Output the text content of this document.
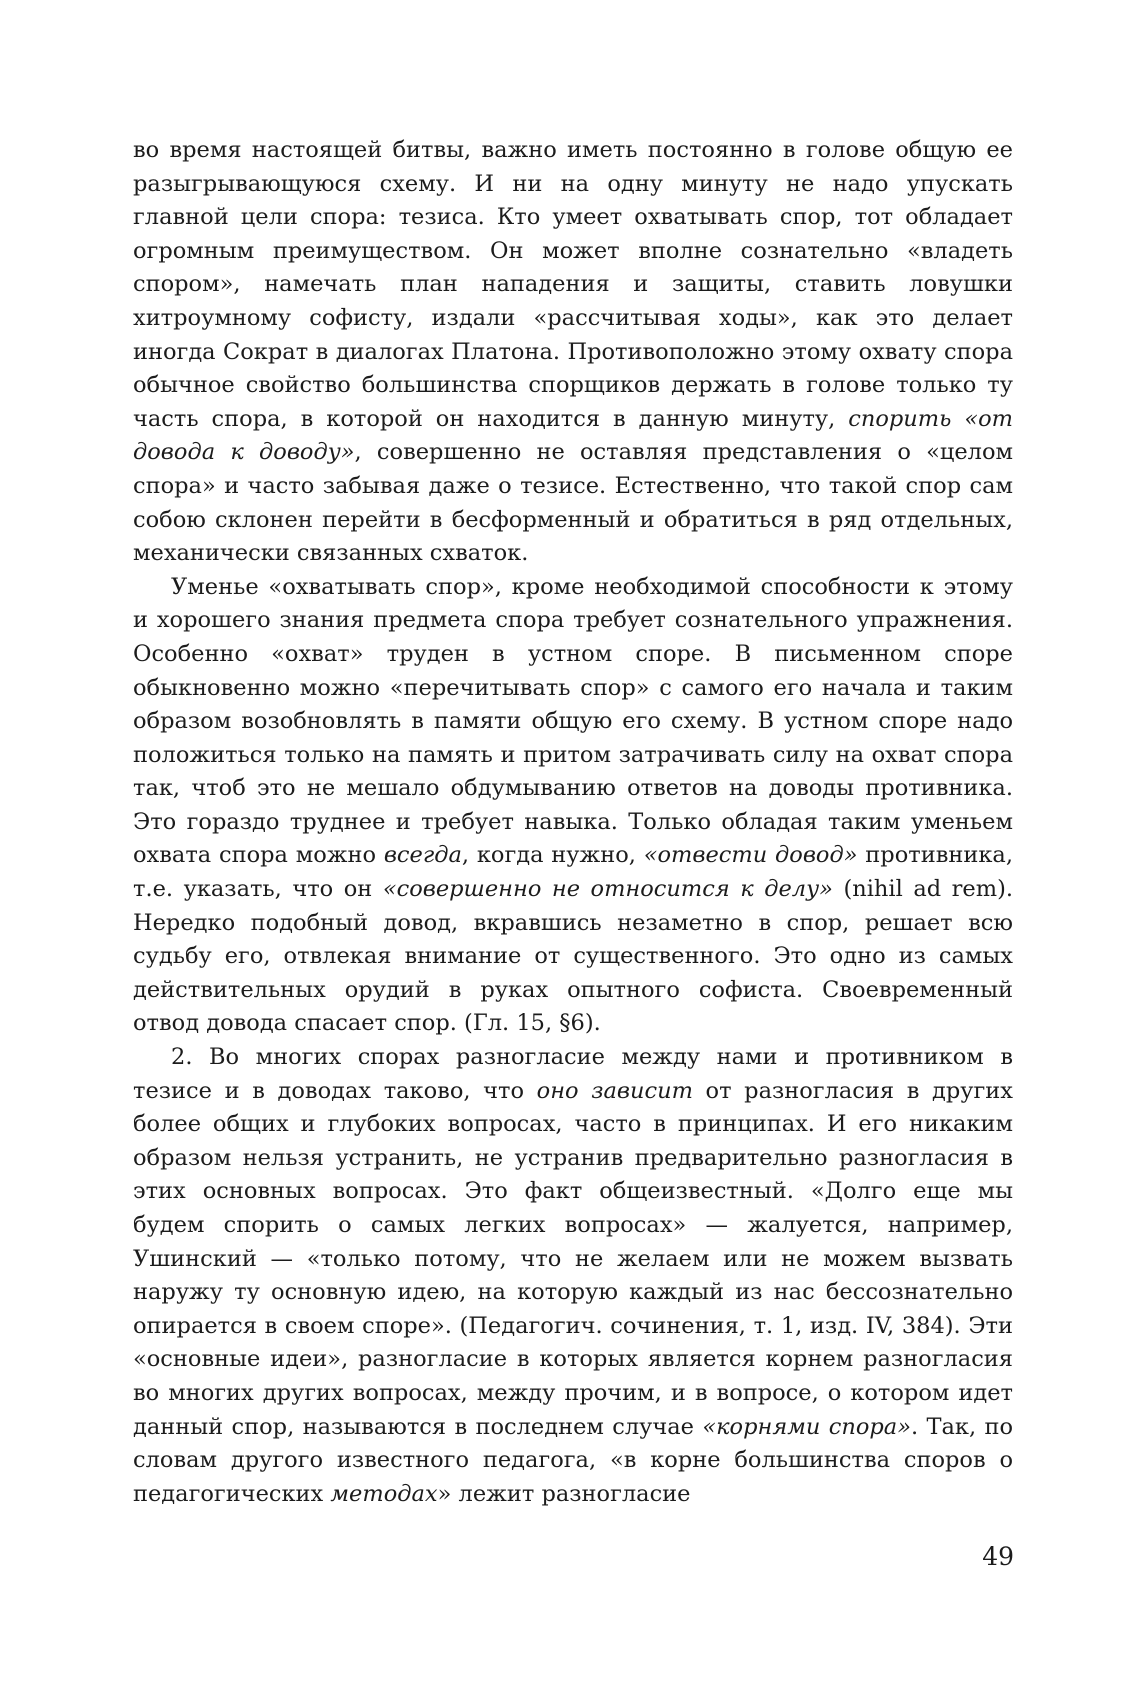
во время настоящей битвы, важно иметь постоянно в голове общую ее разыгрывающуюся схему. И ни на одну минуту не надо упускать главной цели спора: тезиса. Кто умеет охватывать спор, тот обладает огромным преимуществом. Он может вполне сознательно «владеть спором», намечать план нападения и защиты, ставить ловушки хитроумному софисту, издали «рассчитывая ходы», как это делает иногда Сократ в диалогах Платона. Противоположно этому охвату спора обычное свойство большинства спорщиков держать в голове только ту часть спора, в которой он находится в данную минуту, спорить «от довода к доводу», совершенно не оставляя представления о «целом спора» и часто забывая даже о тезисе. Естественно, что такой спор сам собою склонен перейти в бесформенный и обратиться в ряд отдельных, механически связанных схваток.

Уменье «охватывать спор», кроме необходимой способности к этому и хорошего знания предмета спора требует сознательного упражнения. Особенно «охват» труден в устном споре. В письменном споре обыкновенно можно «перечитывать спор» с самого его начала и таким образом возобновлять в памяти общую его схему. В устном споре надо положиться только на память и притом затрачивать силу на охват спора так, чтоб это не мешало обдумыванию ответов на доводы противника. Это гораздо труднее и требует навыка. Только обладая таким уменьем охвата спора можно всегда, когда нужно, «отвести довод» противника, т.е. указать, что он «совершенно не относится к делу» (nihil ad rem). Нередко подобный довод, вкравшись незаметно в спор, решает всю судьбу его, отвлекая внимание от существенного. Это одно из самых действительных орудий в руках опытного софиста. Своевременный отвод довода спасает спор. (Гл. 15, §6).

2. Во многих спорах разногласие между нами и противником в тезисе и в доводах таково, что оно зависит от разногласия в других более общих и глубоких вопросах, часто в принципах. И его никаким образом нельзя устранить, не устранив предварительно разногласия в этих основных вопросах. Это факт общеизвестный. «Долго еще мы будем спорить о самых легких вопросах» — жалуется, например, Ушинский — «только потому, что не желаем или не можем вызвать наружу ту основную идею, на которую каждый из нас бессознательно опирается в своем споре». (Педагогич. сочинения, т. 1, изд. IV, 384). Эти «основные идеи», разногласие в которых является корнем разногласия во многих других вопросах, между прочим, и в вопросе, о котором идет данный спор, называются в последнем случае «корнями спора». Так, по словам другого известного педагога, «в корне большинства споров о педагогических методах» лежит разногласие

49
